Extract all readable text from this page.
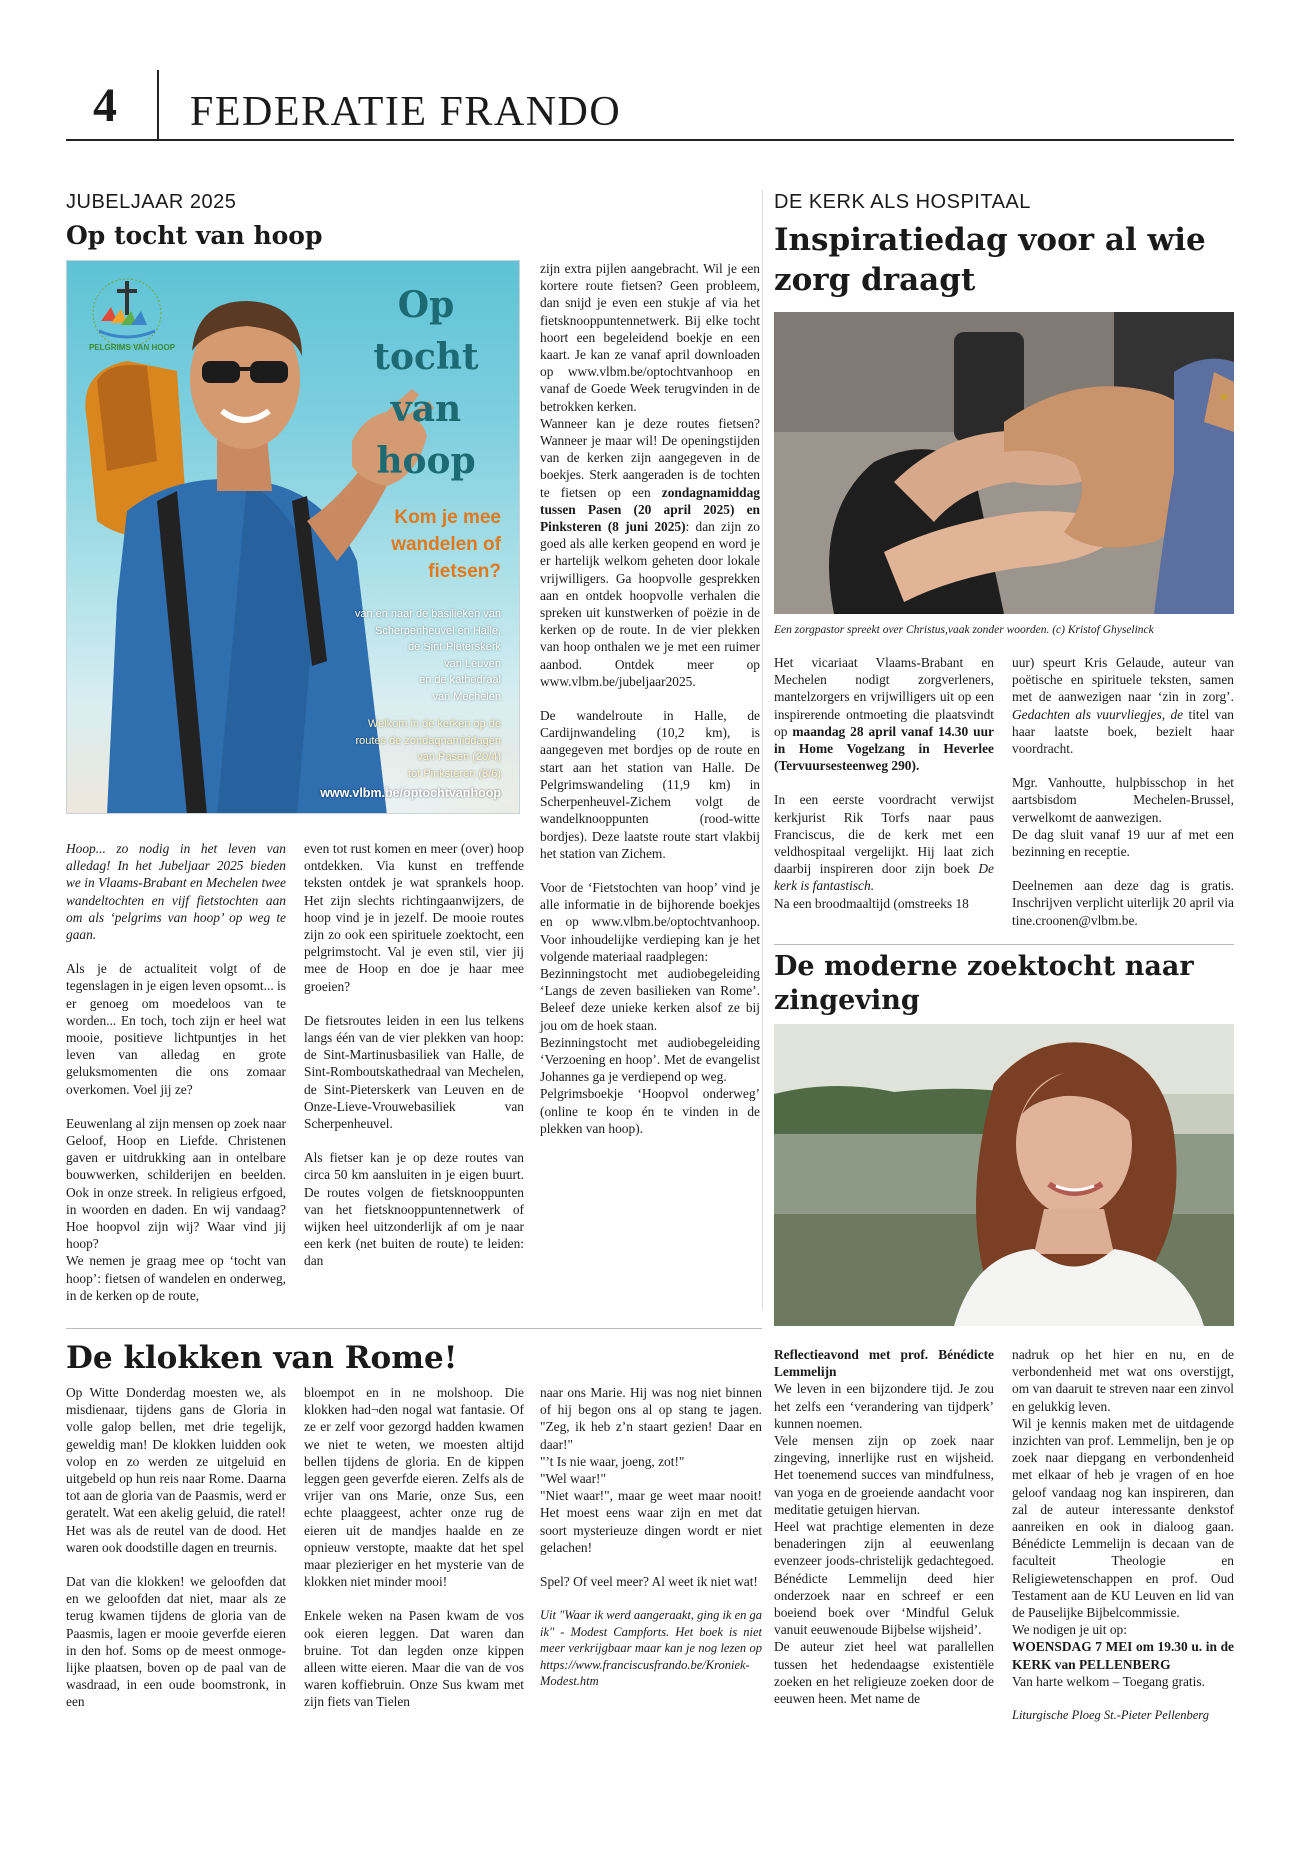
4 FEDERATIE FRANDO
JUBELJAAR 2025
Op tocht van hoop
PELGRIMS VAN HOOP
Op
tocht
van
hoop
Kom je mee
wandelen of
fietsen?
van en naar de basilieken van
Scherpenheuvel en Halle,
de Sint-Pieterskerk
van Leuven
en de kathedraal
van Mechelen
Welkom in de kerken op de
routes de zondagnamiddagen
van Pasen (20/4)
tot Pinksteren (8/6)
www.vlbm.be/optochtvanhoop

Hoop... zo nodig in het leven van alledag! In het Jubeljaar 2025 bieden we in Vlaams-Brabant en Mechelen twee wandeltochten en vijf fietstochten aan om als ‘pelgrims van hoop’ op weg te gaan.

Als je de actualiteit volgt of de tegenslagen in je eigen leven opsomt... is er genoeg om moedeloos van te worden... En toch, toch zijn er heel wat mooie, positieve lichtpuntjes in het leven van alledag en grote geluksmomenten die ons zomaar overkomen. Voel jij ze?

Eeuwenlang al zijn mensen op zoek naar Geloof, Hoop en Liefde. Christenen gaven er uitdrukking aan in ontelbare bouwwerken, schilderijen en beelden. Ook in onze streek. In religieus erfgoed, in woorden en daden. En wij vandaag? Hoe hoopvol zijn wij? Waar vind jij hoop?

We nemen je graag mee op ‘tocht van hoop’: fietsen of wandelen en onderweg, in de kerken op de route,

even tot rust komen en meer (over) hoop ontdekken. Via kunst en treffende teksten ontdek je wat sprankels hoop. Het zijn slechts richtingaanwijzers, de hoop vind je in jezelf. De mooie routes zijn zo ook een spirituele zoektocht, een pelgrimstocht. Val je even stil, vier jij mee de Hoop en doe je haar mee groeien?

De fietsroutes leiden in een lus telkens langs één van de vier plekken van hoop: de Sint-Martinusbasiliek van Halle, de Sint-Romboutskathedraal van Mechelen, de Sint-Pieterskerk van Leuven en de Onze-Lieve-Vrouwebasiliek van Scherpenheuvel.

Als fietser kan je op deze routes van circa 50 km aansluiten in je eigen buurt. De routes volgen de fietsknooppunten van het fietsknooppuntennetwerk of wijken heel uitzonderlijk af om je naar een kerk (net buiten de route) te leiden: dan

zijn extra pijlen aangebracht. Wil je een kortere route fietsen? Geen probleem, dan snijd je even een stukje af via het fietsknooppuntennetwerk. Bij elke tocht hoort een begeleidend boekje en een kaart. Je kan ze vanaf april downloaden op www.vlbm.be/optochtvanhoop en vanaf de Goede Week terugvinden in de betrokken kerken.

Wanneer kan je deze routes fietsen? Wanneer je maar wil! De openingstijden van de kerken zijn aangegeven in de boekjes. Sterk aangeraden is de tochten te fietsen op een zondagnamiddag tussen Pasen (20 april 2025) en Pinksteren (8 juni 2025): dan zijn zo goed als alle kerken geopend en word je er hartelijk welkom geheten door lokale vrijwilligers. Ga hoopvolle gesprekken aan en ontdek hoopvolle verhalen die spreken uit kunstwerken of poëzie in de kerken op de route. In de vier plekken van hoop onthalen we je met een ruimer aanbod. Ontdek meer op www.vlbm.be/jubeljaar2025.

De wandelroute in Halle, de Cardijnwandeling (10,2 km), is aangegeven met bordjes op de route en start aan het station van Halle. De Pelgrimswandeling (11,9 km) in Scherpenheuvel-Zichem volgt de wandelknooppunten (rood-witte bordjes). Deze laatste route start vlakbij het station van Zichem.

Voor de ‘Fietstochten van hoop’ vind je alle informatie in de bijhorende boekjes en op www.vlbm.be/optochtvanhoop. Voor inhoudelijke verdieping kan je het volgende materiaal raadplegen:

Bezinningstocht met audiobegeleiding ‘Langs de zeven basilieken van Rome’. Beleef deze unieke kerken alsof ze bij jou om de hoek staan.

Bezinningstocht met audiobegeleiding ‘Verzoening en hoop’. Met de evangelist Johannes ga je verdiepend op weg.

Pelgrimsboekje ‘Hoopvol onderweg’ (online te koop én te vinden in de plekken van hoop).

DE KERK ALS HOSPITAAL
Inspiratiedag voor al wie
zorg draagt
Een zorgpastor spreekt over Christus,vaak zonder woorden. (c) Kristof Ghyselinck

Het vicariaat Vlaams-Brabant en Mechelen nodigt zorgverleners, mantelzorgers en vrijwilligers uit op een inspirerende ontmoeting die plaatsvindt op maandag 28 april vanaf 14.30 uur in Home Vogelzang in Heverlee (Tervuursesteenweg 290).

In een eerste voordracht verwijst kerkjurist Rik Torfs naar paus Franciscus, die de kerk met een veldhospitaal vergelijkt. Hij laat zich daarbij inspireren door zijn boek De kerk is fantastisch.

Na een broodmaaltijd (omstreeks 18

uur) speurt Kris Gelaude, auteur van poëtische en spirituele teksten, samen met de aanwezigen naar ‘zin in zorg’. Gedachten als vuurvliegjes, de titel van haar laatste boek, bezielt haar voordracht.

Mgr. Vanhoutte, hulpbisschop in het aartsbisdom Mechelen-Brussel, verwelkomt de aanwezigen.

De dag sluit vanaf 19 uur af met een bezinning en receptie.

Deelnemen aan deze dag is gratis. Inschrijven verplicht uiterlijk 20 april via tine.croonen@vlbm.be.

De moderne zoektocht naar
zingeving
De klokken van Rome!

Op Witte Donderdag moesten we, als misdienaar, tijdens gans de Gloria in volle galop bellen, met drie tegelijk, geweldig man! De klokken luidden ook volop en zo werden ze uitgeluid en uitgebeld op hun reis naar Rome. Daarna tot aan de gloria van de Paasmis, werd er geratelt. Wat een akelig geluid, die ratel! Het was als de reutel van de dood. Het waren ook doodstille dagen en treurnis.

Dat van die klokken! we geloofden dat en we geloofden dat niet, maar als ze terug kwamen tijdens de gloria van de Paasmis, lagen er mooie geverfde eieren in den hof. Soms op de meest onmoge-lijke plaatsen, boven op de paal van de wasdraad, in een oude boomstronk, in een

bloempot en in ne molshoop. Die klokken had¬den nogal wat fantasie. Of ze er zelf voor gezorgd hadden kwamen we niet te weten, we moesten altijd bellen tijdens de gloria. En de kippen leggen geen geverfde eieren. Zelfs als de vrijer van ons Marie, onze Sus, een echte plaaggeest, achter onze rug de eieren uit de mandjes haalde en ze opnieuw verstopte, maakte dat het spel maar plezieriger en het mysterie van de klokken niet minder mooi!

Enkele weken na Pasen kwam de vos ook eieren leggen. Dat waren dan bruine. Tot dan legden onze kippen alleen witte eieren. Maar die van de vos waren koffiebruin. Onze Sus kwam met zijn fiets van Tielen

naar ons Marie. Hij was nog niet binnen of hij begon ons al op stang te jagen. "Zeg, ik heb z’n staart gezien! Daar en daar!"

"’t Is nie waar, joeng, zot!"

"Wel waar!"

"Niet waar!", maar ge weet maar nooit! Het moest eens waar zijn en met dat soort mysterieuze dingen wordt er niet gelachen!

Spel? Of veel meer? Al weet ik niet wat!

Uit "Waar ik werd aangeraakt, ging ik en ga ik" - Modest Campforts. Het boek is niet meer verkrijgbaar maar kan je nog lezen op https://www.franciscusfrando.be/Kroniek-Modest.htm

Reflectieavond met prof. Bénédicte Lemmelijn

We leven in een bijzondere tijd. Je zou het zelfs een ‘verandering van tijdperk’ kunnen noemen.

Vele mensen zijn op zoek naar zingeving, innerlijke rust en wijsheid. Het toenemend succes van mindfulness, van yoga en de groeiende aandacht voor meditatie getuigen hiervan.

Heel wat prachtige elementen in deze benaderingen zijn al eeuwenlang evenzeer joods-christelijk gedachtegoed. Bénédicte Lemmelijn deed hier onderzoek naar en schreef er een boeiend boek over ‘Mindful Geluk vanuit eeuwenoude Bijbelse wijsheid’.

De auteur ziet heel wat parallellen tussen het hedendaagse existentiële zoeken en het religieuze zoeken door de eeuwen heen. Met name de

nadruk op het hier en nu, en de verbondenheid met wat ons overstijgt, om van daaruit te streven naar een zinvol en gelukkig leven.

Wil je kennis maken met de uitdagende inzichten van prof. Lemmelijn, ben je op zoek naar diepgang en verbondenheid met elkaar of heb je vragen of en hoe geloof vandaag nog kan inspireren, dan zal de auteur interessante denkstof aanreiken en ook in dialoog gaan. Bénédicte Lemmelijn is decaan van de faculteit Theologie en Religiewetenschappen en prof. Oud Testament aan de KU Leuven en lid van de Pauselijke Bijbelcommissie.

We nodigen je uit op:

WOENSDAG 7 MEI om 19.30 u. in de KERK van PELLENBERG

Van harte welkom – Toegang gratis.

Liturgische Ploeg St.-Pieter Pellenberg
